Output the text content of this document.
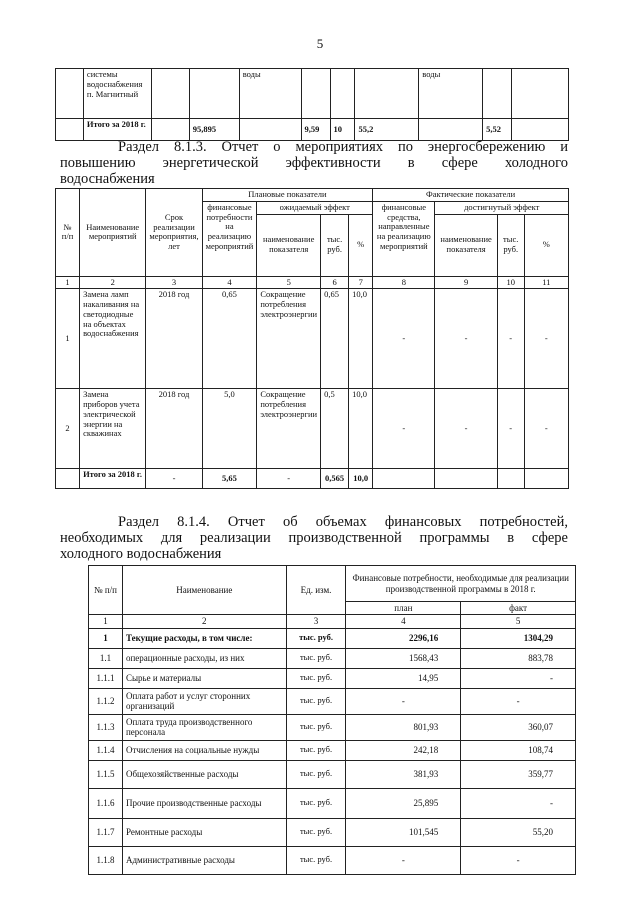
5
	системы водоснабжения п. Магнитный			воды				воды		
	Итого за 2018 г.		95,895		9,59	10	55,2		5,52	
Раздел 8.1.3. Отчет о мероприятиях по энергосбережению и
повышению энергетической эффективности в сфере холодного
водоснабжения
№ п/п	Наименование мероприятий	Срок реализации мероприятия, лет	Плановые показатели				Фактические показатели			
			финансовые потребности на реализацию мероприятий	ожидаемый эффект			финансовые средства, направленные на реализацию мероприятий	достигнутый эффект		
				наименование показателя	тыс. руб.	%		наименование показателя	тыс. руб.	%
1	2	3	4	5	6	7	8	9	10	11
1	Замена ламп накаливания на светодиодные на объектах водоснабжения	2018 год	0,65	Сокращение потребления электроэнергии	0,65	10,0	-	-	-	-
2	Замена приборов учета электрической энергии на скважинах	2018 год	5,0	Сокращение потребления электроэнергии	0,5	10,0	-	-	-	-
	Итого за 2018 г.	-	5,65	-	0,565	10,0				
Раздел 8.1.4. Отчет об объемах финансовых потребностей,
необходимых для реализации производственной программы в сфере
холодного водоснабжения
№ п/п	Наименование	Ед. изм.	Финансовые потребности, необходимые для реализации производственной программы в 2018 г.	
			план	факт
1	2	3	4	5
1	Текущие расходы, в том числе:	тыс. руб.	2296,16	1304,29
1.1	операционные расходы, из них	тыс. руб.	1568,43	883,78
1.1.1	Сырье и материалы	тыс. руб.	14,95	-
1.1.2	Оплата работ и услуг сторонних организаций	тыс. руб.	-	-
1.1.3	Оплата труда производственного персонала	тыс. руб.	801,93	360,07
1.1.4	Отчисления на социальные нужды	тыс. руб.	242,18	108,74
1.1.5	Общехозяйственные расходы	тыс. руб.	381,93	359,77
1.1.6	Прочие производственные расходы	тыс. руб.	25,895	-
1.1.7	Ремонтные расходы	тыс. руб.	101,545	55,20
1.1.8	Административные расходы	тыс. руб.	-	-
